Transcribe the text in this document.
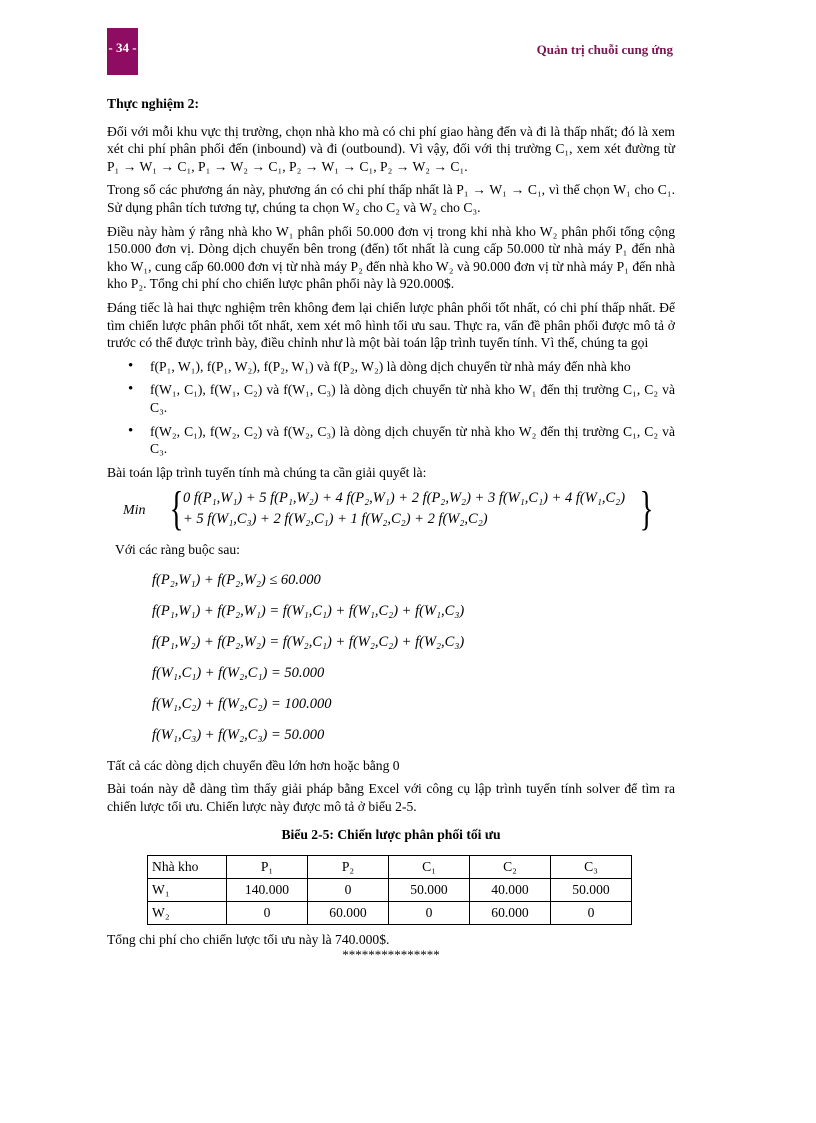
- 34 -	Quản trị chuỗi cung ứng
Thực nghiệm 2:

Đối với mỗi khu vực thị trường, chọn nhà kho mà có chi phí giao hàng đến và đi là thấp nhất; đó là xem xét chi phí phân phối đến (inbound) và đi (outbound). Vì vậy, đối với thị trường C₁, xem xét đường từ P₁ → W₁ → C₁, P₁ → W₂ → C₁, P₂ → W₁ → C₁, P₂ → W₂ → C₁.

Trong số các phương án này, phương án có chi phí thấp nhất là P₁ → W₁ → C₁, vì thế chọn W₁ cho C₁. Sử dụng phân tích tương tự, chúng ta chọn W₂ cho C₂ và W₂ cho C₃.

Điều này hàm ý rằng nhà kho W₁ phân phối 50.000 đơn vị trong khi nhà kho W₂ phân phối tổng cộng 150.000 đơn vị. Dòng dịch chuyển bên trong (đến) tốt nhất là cung cấp 50.000 từ nhà máy P₁ đến nhà kho W₁, cung cấp 60.000 đơn vị từ nhà máy P₂ đến nhà kho W₂ và 90.000 đơn vị từ nhà máy P₁ đến nhà kho P₂. Tổng chi phí cho chiến lược phân phối này là 920.000$.

Đáng tiếc là hai thực nghiệm trên không đem lại chiến lược phân phối tốt nhất, có chi phí thấp nhất. Để tìm chiến lược phân phối tốt nhất, xem xét mô hình tối ưu sau. Thực ra, vấn đề phân phối được mô tả ở trước có thể được trình bày, điều chỉnh như là một bài toán lập trình tuyến tính. Vì thế, chúng ta gọi

• f(P₁, W₁), f(P₁, W₂), f(P₂, W₁) và f(P₂, W₂) là dòng dịch chuyển từ nhà máy đến nhà kho
• f(W₁, C₁), f(W₁, C₂) và f(W₁, C₃) là dòng dịch chuyển từ nhà kho W₁ đến thị trường C₁, C₂ và C₃.
• f(W₂, C₁), f(W₂, C₂) và f(W₂, C₃) là dòng dịch chuyển từ nhà kho W₂ đến thị trường C₁, C₂ và C₃.

Bài toán lập trình tuyến tính mà chúng ta cần giải quyết là:

Min { 0 f(P₁,W₁) + 5 f(P₁,W₂) + 4 f(P₂,W₁) + 2 f(P₂,W₂) + 3 f(W₁,C₁) + 4 f(W₁,C₂)
+ 5 f(W₁,C₃) + 2 f(W₂,C₁) + 1 f(W₂,C₂) + 2 f(W₂,C₂)	}

Với các ràng buộc sau:

f(P₂,W₁) + f(P₂,W₂) ≤ 60.000
f(P₁,W₁) + f(P₂,W₁) = f(W₁,C₁) + f(W₁,C₂) + f(W₁,C₃)
f(P₁,W₂) + f(P₂,W₂) = f(W₂,C₁) + f(W₂,C₂) + f(W₂,C₃)
f(W₁,C₁) + f(W₂,C₁) = 50.000
f(W₁,C₂) + f(W₂,C₂) = 100.000
f(W₁,C₃) + f(W₂,C₃) = 50.000

Tất cả các dòng dịch chuyển đều lớn hơn hoặc bằng 0

Bài toán này dễ dàng tìm thấy giải pháp bằng Excel với công cụ lập trình tuyến tính solver để tìm ra chiến lược tối ưu. Chiến lược này được mô tả ở biểu 2-5.

Biểu 2-5: Chiến lược phân phối tối ưu
Nhà kho	P₁	P₂	C₁	C₂	C₃
W₁	140.000	0	50.000	40.000	50.000
W₂	0	60.000	0	60.000	0

Tổng chi phí cho chiến lược tối ưu này là 740.000$.

***************
